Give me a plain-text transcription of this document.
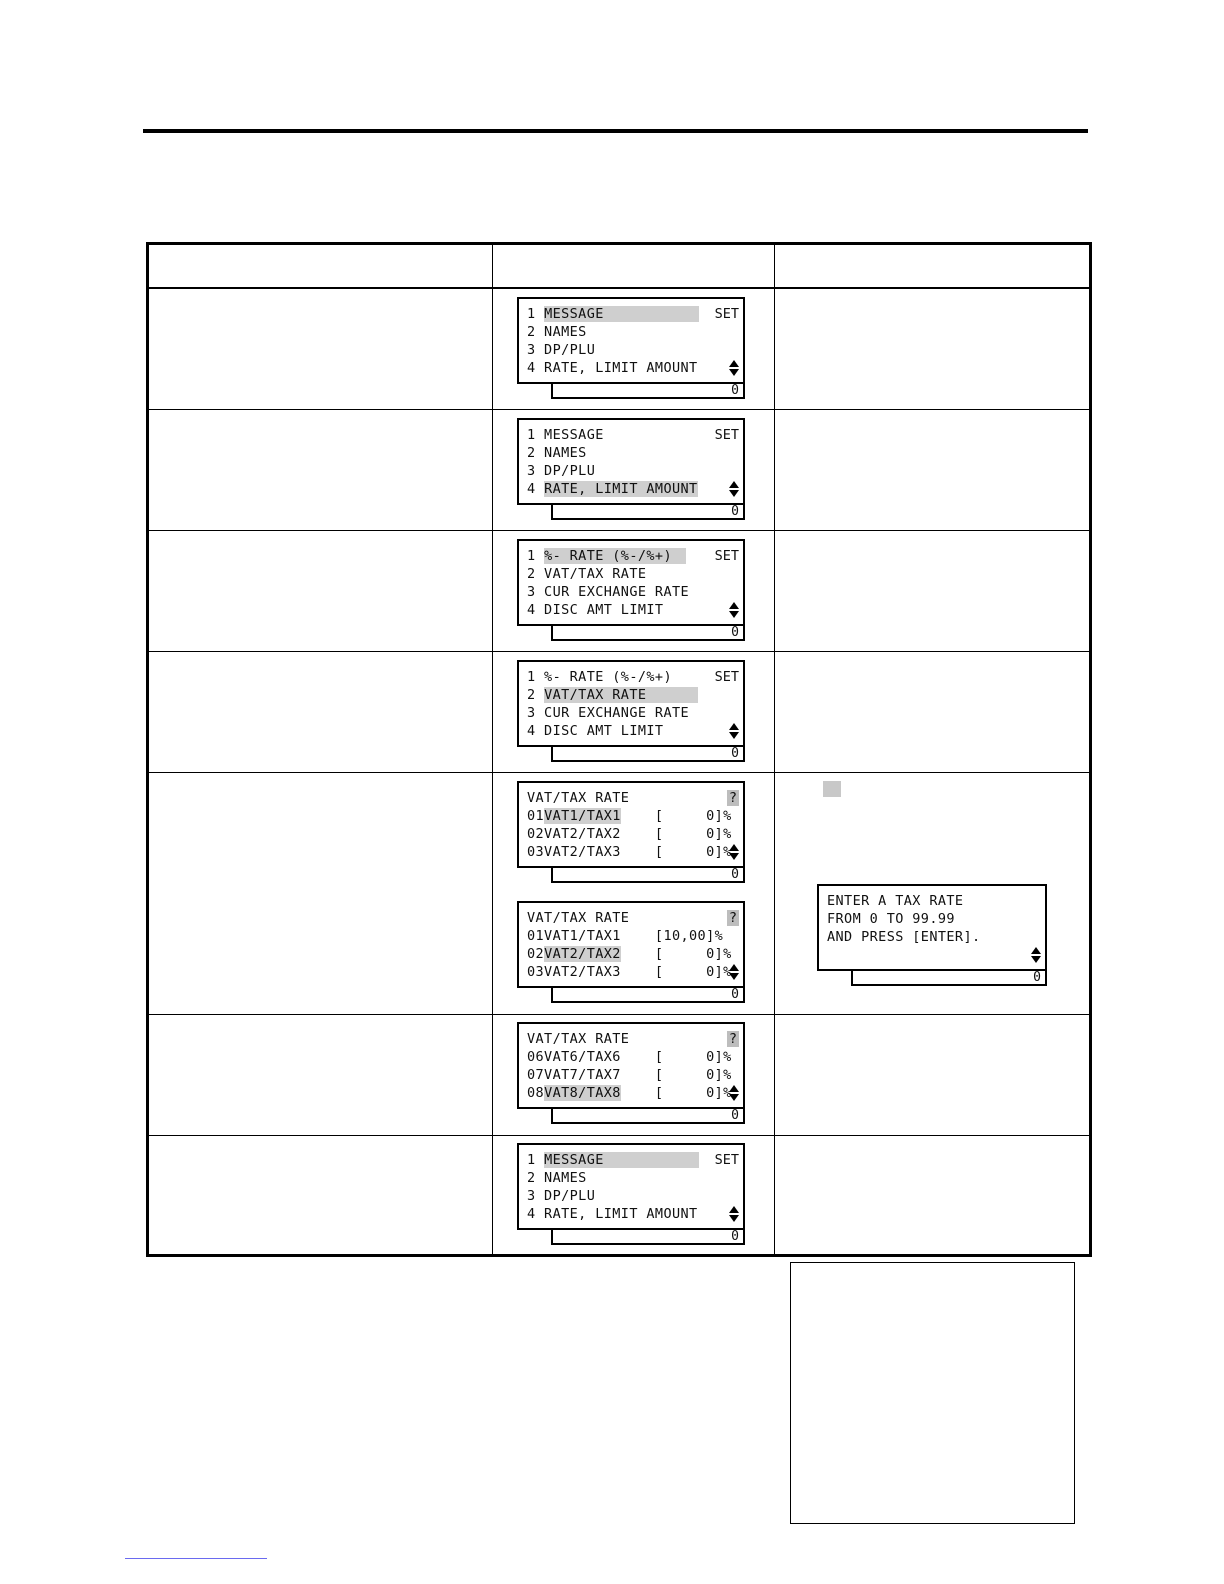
1 MESSAGE
2 NAMES
3 DP/PLU
4 RATE, LIMIT AMOUNT
SET
0
1 MESSAGE
2 NAMES
3 DP/PLU
4 RATE, LIMIT AMOUNT
SET
0
1 %- RATE (%-/%+)
2 VAT/TAX RATE
3 CUR EXCHANGE RATE
4 DISC AMT LIMIT
SET
0
1 %- RATE (%-/%+)
2 VAT/TAX RATE
3 CUR EXCHANGE RATE
4 DISC AMT LIMIT
SET
0
VAT/TAX RATE
01VAT1/TAX1    [     0]%
02VAT2/TAX2    [     0]%
03VAT2/TAX3    [     0]%
?
0
VAT/TAX RATE
01VAT1/TAX1    [10,00]%
02VAT2/TAX2    [     0]%
03VAT2/TAX3    [     0]%
?
0
VAT/TAX RATE
06VAT6/TAX6    [     0]%
07VAT7/TAX7    [     0]%
08VAT8/TAX8    [     0]%
?
0
1 MESSAGE
2 NAMES
3 DP/PLU
4 RATE, LIMIT AMOUNT
SET
0
ENTER A TAX RATE
FROM 0 TO 99.99
AND PRESS [ENTER].
0
